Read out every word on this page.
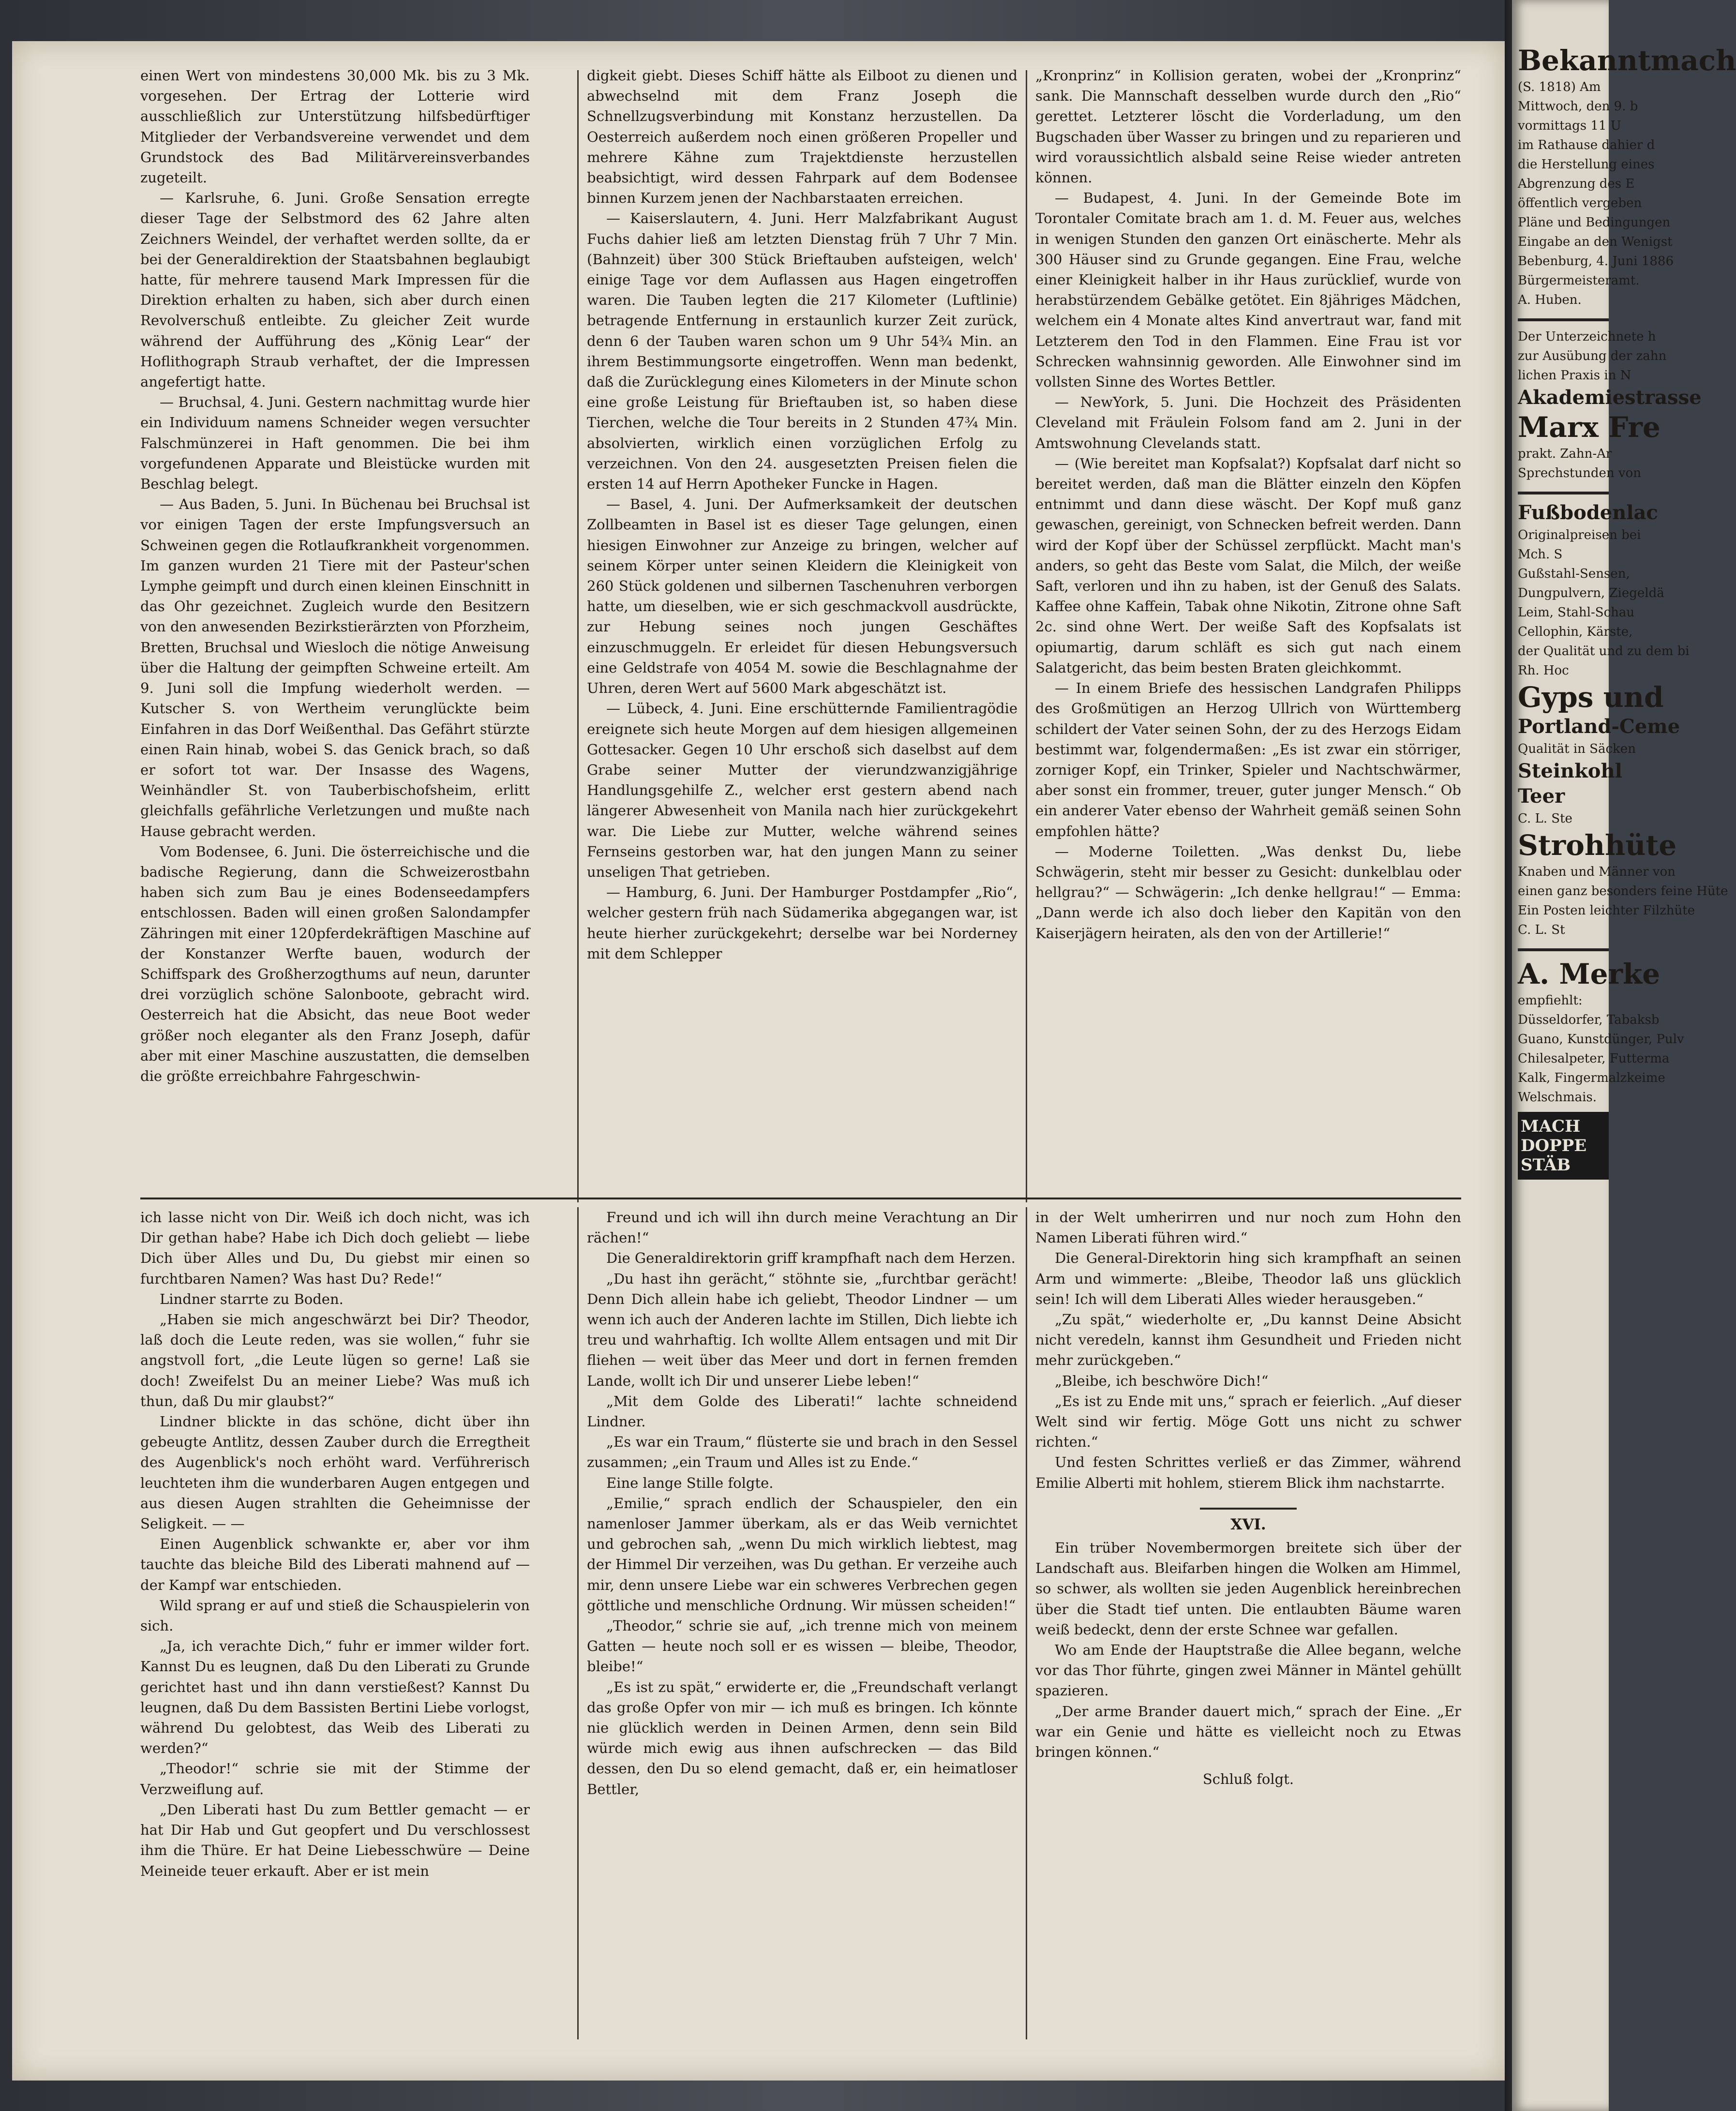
einen Wert von mindestens 30,000 Mk. bis zu 3 Mk. vorgesehen. Der Ertrag der Lotterie wird ausschließlich zur Unterstützung hilfsbedürftiger Mitglieder der Verbandsvereine verwendet und dem Grundstock des Bad Militärvereinsverbandes zugeteilt.

— Karlsruhe, 6. Juni. Große Sensation erregte dieser Tage der Selbstmord des 62 Jahre alten Zeichners Weindel, der verhaftet werden sollte, da er bei der Generaldirektion der Staatsbahnen beglaubigt hatte, für mehrere tausend Mark Impressen für die Direktion erhalten zu haben, sich aber durch einen Revolverschuß entleibte. Zu gleicher Zeit wurde während der Aufführung des „König Lear“ der Hoflithograph Straub verhaftet, der die Impressen angefertigt hatte.

— Bruchsal, 4. Juni. Gestern nachmittag wurde hier ein Individuum namens Schneider wegen versuchter Falschmünzerei in Haft genommen. Die bei ihm vorgefundenen Apparate und Bleistücke wurden mit Beschlag belegt.

— Aus Baden, 5. Juni. In Büchenau bei Bruchsal ist vor einigen Tagen der erste Impfungsversuch an Schweinen gegen die Rotlaufkrankheit vorgenommen. Im ganzen wurden 21 Tiere mit der Pasteur'schen Lymphe geimpft und durch einen kleinen Einschnitt in das Ohr gezeichnet. Zugleich wurde den Besitzern von den anwesenden Bezirkstierärzten von Pforzheim, Bretten, Bruchsal und Wiesloch die nötige Anweisung über die Haltung der geimpften Schweine erteilt. Am 9. Juni soll die Impfung wiederholt werden. — Kutscher S. von Wertheim verunglückte beim Einfahren in das Dorf Weißenthal. Das Gefährt stürzte einen Rain hinab, wobei S. das Genick brach, so daß er sofort tot war. Der Insasse des Wagens, Weinhändler St. von Tauberbischofsheim, erlitt gleichfalls gefährliche Verletzungen und mußte nach Hause gebracht werden.

Vom Bodensee, 6. Juni. Die österreichische und die badische Regierung, dann die Schweizerostbahn haben sich zum Bau je eines Bodenseedampfers entschlossen. Baden will einen großen Salondampfer Zähringen mit einer 120pferdekräftigen Maschine auf der Konstanzer Werfte bauen, wodurch der Schiffspark des Großherzogthums auf neun, darunter drei vorzüglich schöne Salonboote, gebracht wird. Oesterreich hat die Absicht, das neue Boot weder größer noch eleganter als den Franz Joseph, dafür aber mit einer Maschine auszustatten, die demselben die größte erreichbahre Fahrgeschwin-

digkeit giebt. Dieses Schiff hätte als Eilboot zu dienen und abwechselnd mit dem Franz Joseph die Schnellzugsverbindung mit Konstanz herzustellen. Da Oesterreich außerdem noch einen größeren Propeller und mehrere Kähne zum Trajektdienste herzustellen beabsichtigt, wird dessen Fahrpark auf dem Bodensee binnen Kurzem jenen der Nachbarstaaten erreichen.

— Kaiserslautern, 4. Juni. Herr Malzfabrikant August Fuchs dahier ließ am letzten Dienstag früh 7 Uhr 7 Min. (Bahnzeit) über 300 Stück Brieftauben aufsteigen, welch' einige Tage vor dem Auflassen aus Hagen eingetroffen waren. Die Tauben legten die 217 Kilometer (Luftlinie) betragende Entfernung in erstaunlich kurzer Zeit zurück, denn 6 der Tauben waren schon um 9 Uhr 54¾ Min. an ihrem Bestimmungsorte eingetroffen. Wenn man bedenkt, daß die Zurücklegung eines Kilometers in der Minute schon eine große Leistung für Brieftauben ist, so haben diese Tierchen, welche die Tour bereits in 2 Stunden 47¾ Min. absolvierten, wirklich einen vorzüglichen Erfolg zu verzeichnen. Von den 24. ausgesetzten Preisen fielen die ersten 14 auf Herrn Apotheker Funcke in Hagen.

— Basel, 4. Juni. Der Aufmerksamkeit der deutschen Zollbeamten in Basel ist es dieser Tage gelungen, einen hiesigen Einwohner zur Anzeige zu bringen, welcher auf seinem Körper unter seinen Kleidern die Kleinigkeit von 260 Stück goldenen und silbernen Taschenuhren verborgen hatte, um dieselben, wie er sich geschmackvoll ausdrückte, zur Hebung seines noch jungen Geschäftes einzuschmuggeln. Er erleidet für diesen Hebungsversuch eine Geldstrafe von 4054 M. sowie die Beschlagnahme der Uhren, deren Wert auf 5600 Mark abgeschätzt ist.

— Lübeck, 4. Juni. Eine erschütternde Familientragödie ereignete sich heute Morgen auf dem hiesigen allgemeinen Gottesacker. Gegen 10 Uhr erschoß sich daselbst auf dem Grabe seiner Mutter der vierundzwanzigjährige Handlungsgehilfe Z., welcher erst gestern abend nach längerer Abwesenheit von Manila nach hier zurückgekehrt war. Die Liebe zur Mutter, welche während seines Fernseins gestorben war, hat den jungen Mann zu seiner unseligen That getrieben.

— Hamburg, 6. Juni. Der Hamburger Postdampfer „Rio“, welcher gestern früh nach Südamerika abgegangen war, ist heute hierher zurückgekehrt; derselbe war bei Norderney mit dem Schlepper

„Kronprinz“ in Kollision geraten, wobei der „Kronprinz“ sank. Die Mannschaft desselben wurde durch den „Rio“ gerettet. Letzterer löscht die Vorderladung, um den Bugschaden über Wasser zu bringen und zu reparieren und wird voraussichtlich alsbald seine Reise wieder antreten können.

— Budapest, 4. Juni. In der Gemeinde Bote im Torontaler Comitate brach am 1. d. M. Feuer aus, welches in wenigen Stunden den ganzen Ort einäscherte. Mehr als 300 Häuser sind zu Grunde gegangen. Eine Frau, welche einer Kleinigkeit halber in ihr Haus zurücklief, wurde von herabstürzendem Gebälke getötet. Ein 8jähriges Mädchen, welchem ein 4 Monate altes Kind anvertraut war, fand mit Letzterem den Tod in den Flammen. Eine Frau ist vor Schrecken wahnsinnig geworden. Alle Einwohner sind im vollsten Sinne des Wortes Bettler.

— NewYork, 5. Juni. Die Hochzeit des Präsidenten Cleveland mit Fräulein Folsom fand am 2. Juni in der Amtswohnung Clevelands statt.

— (Wie bereitet man Kopfsalat?) Kopfsalat darf nicht so bereitet werden, daß man die Blätter einzeln den Köpfen entnimmt und dann diese wäscht. Der Kopf muß ganz gewaschen, gereinigt, von Schnecken befreit werden. Dann wird der Kopf über der Schüssel zerpflückt. Macht man's anders, so geht das Beste vom Salat, die Milch, der weiße Saft, verloren und ihn zu haben, ist der Genuß des Salats. Kaffee ohne Kaffein, Tabak ohne Nikotin, Zitrone ohne Saft 2c. sind ohne Wert. Der weiße Saft des Kopfsalats ist opiumartig, darum schläft es sich gut nach einem Salatgericht, das beim besten Braten gleichkommt.

— In einem Briefe des hessischen Landgrafen Philipps des Großmütigen an Herzog Ullrich von Württemberg schildert der Vater seinen Sohn, der zu des Herzogs Eidam bestimmt war, folgendermaßen: „Es ist zwar ein störriger, zorniger Kopf, ein Trinker, Spieler und Nachtschwärmer, aber sonst ein frommer, treuer, guter junger Mensch.“ Ob ein anderer Vater ebenso der Wahrheit gemäß seinen Sohn empfohlen hätte?

— Moderne Toiletten. „Was denkst Du, liebe Schwägerin, steht mir besser zu Gesicht: dunkelblau oder hellgrau?“ — Schwägerin: „Ich denke hellgrau!“ — Emma: „Dann werde ich also doch lieber den Kapitän von den Kaiserjägern heiraten, als den von der Artillerie!“

ich lasse nicht von Dir. Weiß ich doch nicht, was ich Dir gethan habe? Habe ich Dich doch geliebt — liebe Dich über Alles und Du, Du giebst mir einen so furchtbaren Namen? Was hast Du? Rede!“

Lindner starrte zu Boden.

„Haben sie mich angeschwärzt bei Dir? Theodor, laß doch die Leute reden, was sie wollen,“ fuhr sie angstvoll fort, „die Leute lügen so gerne! Laß sie doch! Zweifelst Du an meiner Liebe? Was muß ich thun, daß Du mir glaubst?“

Lindner blickte in das schöne, dicht über ihn gebeugte Antlitz, dessen Zauber durch die Erregtheit des Augenblick's noch erhöht ward. Verführerisch leuchteten ihm die wunderbaren Augen entgegen und aus diesen Augen strahlten die Geheimnisse der Seligkeit. — —

Einen Augenblick schwankte er, aber vor ihm tauchte das bleiche Bild des Liberati mahnend auf — der Kampf war entschieden.

Wild sprang er auf und stieß die Schauspielerin von sich.

„Ja, ich verachte Dich,“ fuhr er immer wilder fort. Kannst Du es leugnen, daß Du den Liberati zu Grunde gerichtet hast und ihn dann verstießest? Kannst Du leugnen, daß Du dem Bassisten Bertini Liebe vorlogst, während Du gelobtest, das Weib des Liberati zu werden?“

„Theodor!“ schrie sie mit der Stimme der Verzweiflung auf.

„Den Liberati hast Du zum Bettler gemacht — er hat Dir Hab und Gut geopfert und Du verschlossest ihm die Thüre. Er hat Deine Liebesschwüre — Deine Meineide teuer erkauft. Aber er ist mein

Freund und ich will ihn durch meine Verachtung an Dir rächen!“

Die Generaldirektorin griff krampfhaft nach dem Herzen.

„Du hast ihn gerächt,“ stöhnte sie, „furchtbar gerächt! Denn Dich allein habe ich geliebt, Theodor Lindner — um wenn ich auch der Anderen lachte im Stillen, Dich liebte ich treu und wahrhaftig. Ich wollte Allem entsagen und mit Dir fliehen — weit über das Meer und dort in fernen fremden Lande, wollt ich Dir und unserer Liebe leben!“

„Mit dem Golde des Liberati!“ lachte schneidend Lindner.

„Es war ein Traum,“ flüsterte sie und brach in den Sessel zusammen; „ein Traum und Alles ist zu Ende.“

Eine lange Stille folgte.

„Emilie,“ sprach endlich der Schauspieler, den ein namenloser Jammer überkam, als er das Weib vernichtet und gebrochen sah, „wenn Du mich wirklich liebtest, mag der Himmel Dir verzeihen, was Du gethan. Er verzeihe auch mir, denn unsere Liebe war ein schweres Verbrechen gegen göttliche und menschliche Ordnung. Wir müssen scheiden!“

„Theodor,“ schrie sie auf, „ich trenne mich von meinem Gatten — heute noch soll er es wissen — bleibe, Theodor, bleibe!“

„Es ist zu spät,“ erwiderte er, die „Freundschaft verlangt das große Opfer von mir — ich muß es bringen. Ich könnte nie glücklich werden in Deinen Armen, denn sein Bild würde mich ewig aus ihnen aufschrecken — das Bild dessen, den Du so elend gemacht, daß er, ein heimatloser Bettler,

in der Welt umherirren und nur noch zum Hohn den Namen Liberati führen wird.“

Die General-Direktorin hing sich krampfhaft an seinen Arm und wimmerte: „Bleibe, Theodor laß uns glücklich sein! Ich will dem Liberati Alles wieder herausgeben.“

„Zu spät,“ wiederholte er, „Du kannst Deine Absicht nicht veredeln, kannst ihm Gesundheit und Frieden nicht mehr zurückgeben.“

„Bleibe, ich beschwöre Dich!“

„Es ist zu Ende mit uns,“ sprach er feierlich. „Auf dieser Welt sind wir fertig. Möge Gott uns nicht zu schwer richten.“

Und festen Schrittes verließ er das Zimmer, während Emilie Alberti mit hohlem, stierem Blick ihm nachstarrte.

XVI.

Ein trüber Novembermorgen breitete sich über der Landschaft aus. Bleifarben hingen die Wolken am Himmel, so schwer, als wollten sie jeden Augenblick hereinbrechen über die Stadt tief unten. Die entlaubten Bäume waren weiß bedeckt, denn der erste Schnee war gefallen.

Wo am Ende der Hauptstraße die Allee begann, welche vor das Thor führte, gingen zwei Männer in Mäntel gehüllt spazieren.

„Der arme Brander dauert mich,“ sprach der Eine. „Er war ein Genie und hätte es vielleicht noch zu Etwas bringen können.“

Schluß folgt.
Bekanntmach
(S. 1818) Am
Mittwoch, den 9. b
vormittags 11 U
im Rathause dahier d
die Herstellung eines
Abgrenzung des E
öffentlich vergeben
Pläne und Bedingungen
Eingabe an den Wenigst
Bebenburg, 4. Juni 1886
Bürgermeisteramt.
A. Huben.
Der Unterzeichnete h
zur Ausübung der zahn
lichen Praxis in N
Akademiestrasse
Marx Fre
prakt. Zahn-Ar
Sprechstunden von
Fußbodenlac
Originalpreisen bei
Mch. S
Gußstahl-Sensen,
Dungpulvern, Ziegeldä
Leim, Stahl-Schau
Cellophin, Kärste,
der Qualität und zu dem bi
Rh. Hoc
Gyps und
Portland-Ceme
Qualität in Säcken
Steinkohl
Teer
C. L. Ste
Strohhüte
Knaben und Männer von
einen ganz besonders feine Hüte
Ein Posten leichter Filzhüte
C. L. St
A. Merke
empfiehlt:
Düsseldorfer, Tabaksb
Guano, Kunstdünger, Pulv
Chilesalpeter, Futterma
Kalk, Fingermalzkeime
Welschmais.
MACH
DOPPE
STÄB
